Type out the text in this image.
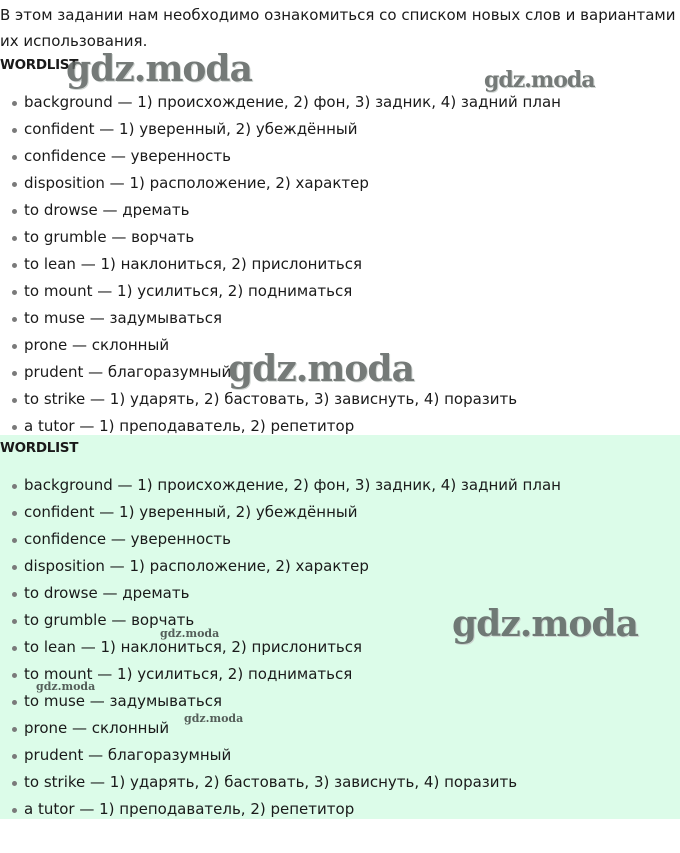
В этом задании нам необходимо ознакомиться со списком новых слов и вариантами их использования.

WORDLIST
background — 1) происхождение, 2) фон, 3) задник, 4) задний план
confident — 1) уверенный, 2) убеждённый
confidence — уверенность
disposition — 1) расположение, 2) характер
to drowse — дремать
to grumble — ворчать
to lean — 1) наклониться, 2) прислониться
to mount — 1) усилиться, 2) подниматься
to muse — задумываться
prone — склонный
prudent — благоразумный
to strike — 1) ударять, 2) бастовать, 3) зависнуть, 4) поразить
a tutor — 1) преподаватель, 2) репетитор
WORDLIST
background — 1) происхождение, 2) фон, 3) задник, 4) задний план
confident — 1) уверенный, 2) убеждённый
confidence — уверенность
disposition — 1) расположение, 2) характер
to drowse — дремать
to grumble — ворчать
to lean — 1) наклониться, 2) прислониться
to mount — 1) усилиться, 2) подниматься
to muse — задумываться
prone — склонный
prudent — благоразумный
to strike — 1) ударять, 2) бастовать, 3) зависнуть, 4) поразить
a tutor — 1) преподаватель, 2) репетитор
gdz.moda	gdz.moda
gdz.moda
gdz.moda
gdz.moda
gdz.moda
gdz.moda
